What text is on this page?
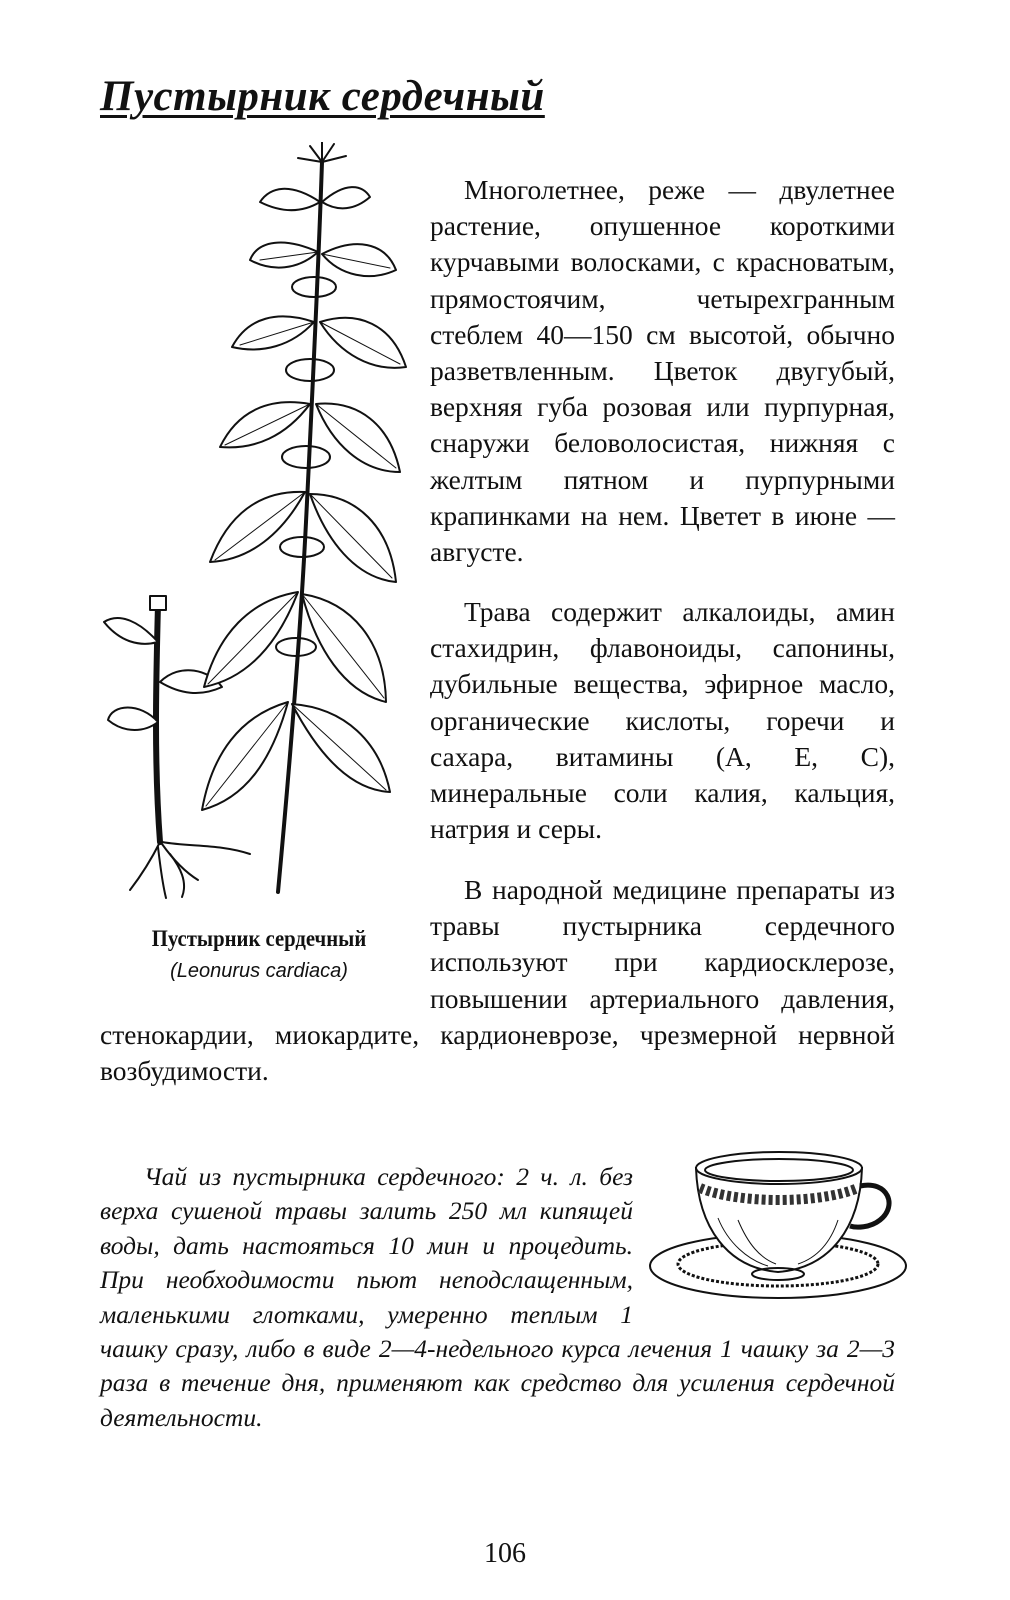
Пустырник сердечный
Пустырник сердечный
(Leonurus cardiaca)

Многолетнее, реже — двулетнее растение, опушенное короткими курчавыми волосками, с красноватым, прямостоячим, четырехгранным стеблем 40—150 см высотой, обычно разветвленным. Цветок двугубый, верхняя губа розовая или пурпурная, снаружи беловолосистая, нижняя с желтым пятном и пурпурными крапинками на нем. Цветет в июне — августе.

Трава содержит алкалоиды, амин стахидрин, флавоноиды, сапонины, дубильные вещества, эфирное масло, органические кислоты, горечи и сахара, витамины (A, E, C), минеральные соли калия, кальция, натрия и серы.

В народной медицине препараты из травы пустырника сердечного используют при кардиосклерозе, повышении артериального давления, стенокардии, миокардите, кардионеврозе, чрезмерной нервной возбудимости.
Чай из пустырника сердечного: 2 ч. л. без верха сушеной травы залить 250 мл кипящей воды, дать настояться 10 мин и процедить. При необходимости пьют неподслащенным, маленькими глотками, умеренно теплым 1 чашку сразу, либо в виде 2—4-недельного курса лечения 1 чашку за 2—3 раза в течение дня, применяют как средство для усиления сердечной деятельности.
106
